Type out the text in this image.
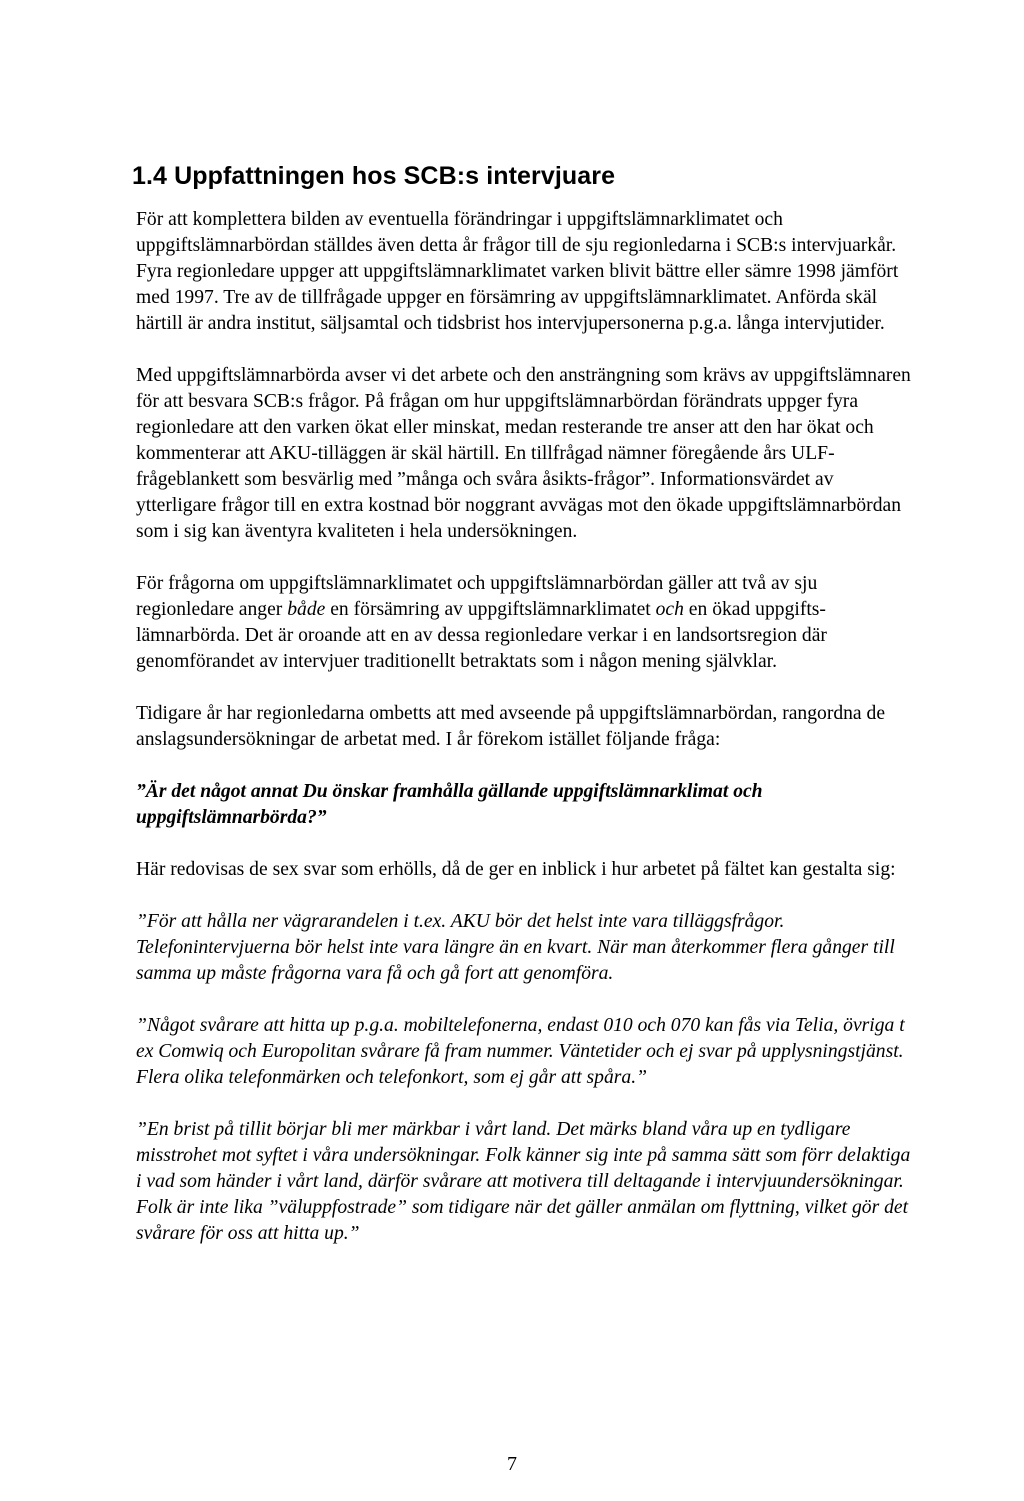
1.4 Uppfattningen hos SCB:s intervjuare

För att komplettera bilden av eventuella förändringar i uppgiftslämnarklimatet och uppgiftslämnarbördan ställdes även detta år frågor till de sju regionledarna i SCB:s intervjuarkår. Fyra regionledare uppger att uppgiftslämnarklimatet varken blivit bättre eller sämre 1998 jämfört med 1997. Tre av de tillfrågade uppger en försämring av uppgiftslämnarklimatet. Anförda skäl härtill är andra institut, säljsamtal och tidsbrist hos intervjupersonerna p.g.a. långa intervjutider.

Med uppgiftslämnarbörda avser vi det arbete och den ansträngning som krävs av uppgiftslämnaren för att besvara SCB:s frågor. På frågan om hur uppgiftslämnarbördan förändrats uppger fyra regionledare att den varken ökat eller minskat, medan resterande tre anser att den har ökat och kommenterar att AKU-tilläggen är skäl härtill. En tillfrågad nämner föregående års ULF-frågeblankett som besvärlig med ”många och svåra åsikts-frågor”. Informationsvärdet av ytterligare frågor till en extra kostnad bör noggrant avvägas mot den ökade uppgiftslämnarbördan som i sig kan äventyra kvaliteten i hela undersökningen.

För frågorna om uppgiftslämnarklimatet och uppgiftslämnarbördan gäller att två av sju regionledare anger både en försämring av uppgiftslämnarklimatet och en ökad uppgifts-lämnarbörda. Det är oroande att en av dessa regionledare verkar i en landsortsregion där genomförandet av intervjuer traditionellt betraktats som i någon mening självklar.

Tidigare år har regionledarna ombetts att med avseende på uppgiftslämnarbördan, rangordna de anslagsundersökningar de arbetat med. I år förekom istället följande fråga:

”Är det något annat Du önskar framhålla gällande uppgiftslämnarklimat och uppgiftslämnarbörda?”

Här redovisas de sex svar som erhölls, då de ger en inblick i hur arbetet på fältet kan gestalta sig:

”För att hålla ner vägrarandelen i t.ex. AKU bör det helst inte vara tilläggsfrågor. Telefonintervjuerna bör helst inte vara längre än en kvart. När man återkommer flera gånger till samma up måste frågorna vara få och gå fort att genomföra.

”Något svårare att hitta up p.g.a. mobiltelefonerna, endast 010 och 070 kan fås via Telia, övriga t ex Comwiq och Europolitan svårare få fram nummer. Väntetider och ej svar på upplysningstjänst. Flera olika telefonmärken och telefonkort, som ej går att spåra.”

”En brist på tillit börjar bli mer märkbar i vårt land. Det märks bland våra up en tydligare misstrohet mot syftet i våra undersökningar. Folk känner sig inte på samma sätt som förr delaktiga i vad som händer i vårt land, därför svårare att motivera till deltagande i intervjuundersökningar. Folk är inte lika ”väluppfostrade” som tidigare när det gäller anmälan om flyttning, vilket gör det svårare för oss att hitta up.”

7
